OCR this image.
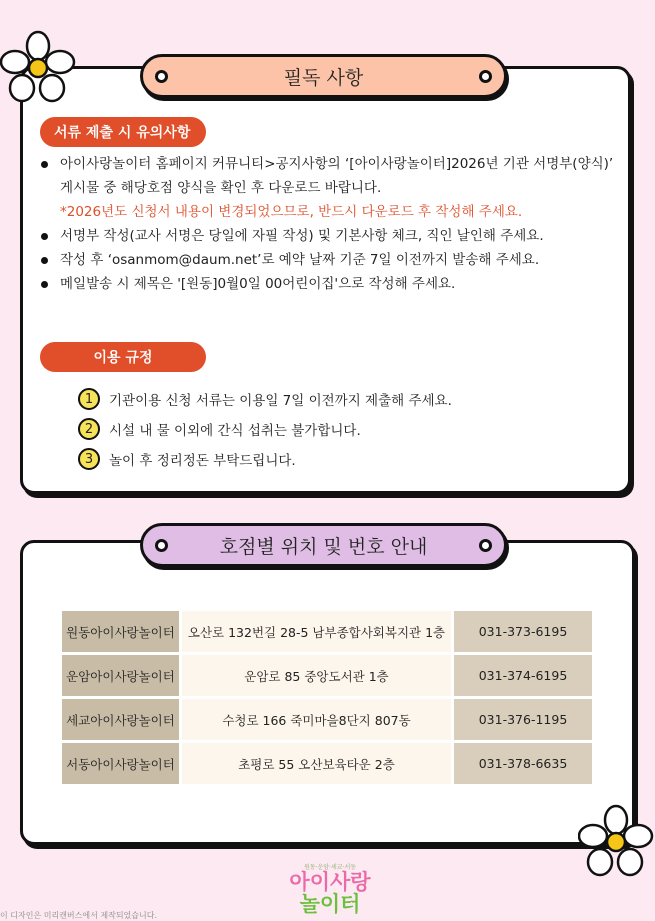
필독 사항
서류 제출 시 유의사항
아이사랑놀이터 홈페이지 커뮤니티>공지사항의 ‘[아이사랑놀이터]2026년 기관 서명부(양식)’ 게시물 중 해당호점 양식을 확인 후 다운로드 바랍니다.
*2026년도 신청서 내용이 변경되었으므로, 반드시 다운로드 후 작성해 주세요.
서명부 작성(교사 서명은 당일에 자필 작성) 및 기본사항 체크, 직인 날인해 주세요.
작성 후 ‘osanmom@daum.net’로 예약 날짜 기준 7일 이전까지 발송해 주세요.
메일발송 시 제목은 '[원동]0월0일 00어린이집'으로 작성해 주세요.
이용 규정
1	기관이용 신청 서류는 이용일 7일 이전까지 제출해 주세요.
2	시설 내 물 이외에 간식 섭취는 불가합니다.
3	놀이 후 정리정돈 부탁드립니다.
호점별 위치 및 번호 안내
원동아이사랑놀이터	오산로 132번길 28-5 남부종합사회복지관 1층	031-373-6195
운암아이사랑놀이터	운암로 85 중앙도서관 1층	031-374-6195
세교아이사랑놀이터	수청로 166 죽미마을8단지 807동	031-376-1195
서동아이사랑놀이터	초평로 55 오산보육타운 2층	031-378-6635
원동·운암·세교·서동
아이사랑
놀이터
이 디자인은 미리캔버스에서 제작되었습니다.
